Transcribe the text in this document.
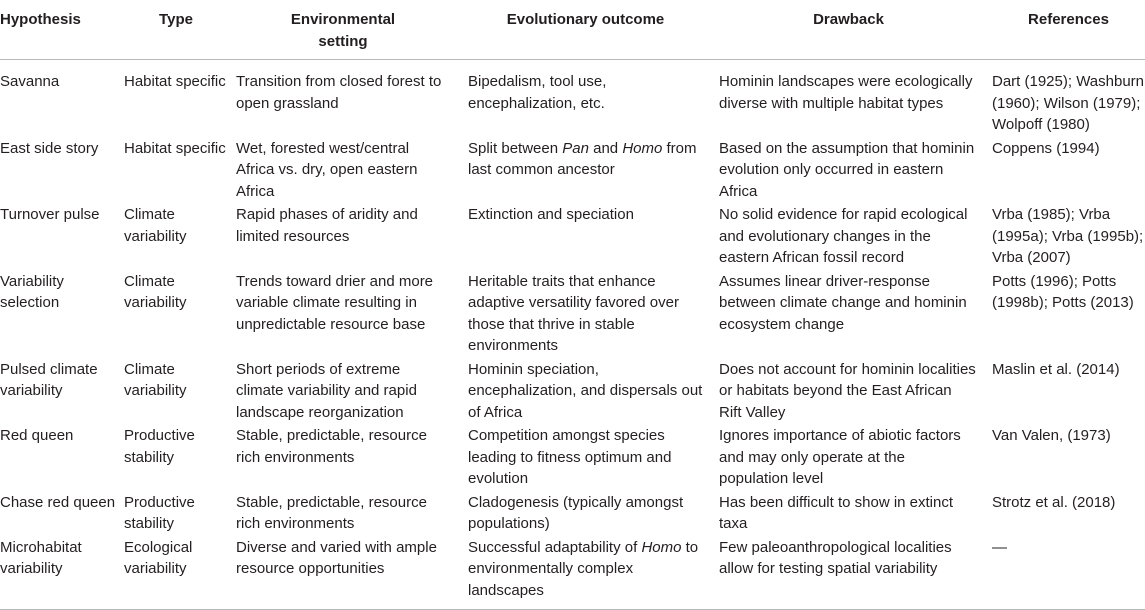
Hypothesis	Type	Environmental setting	Evolutionary outcome	Drawback	References
Savanna	Habitat specific	Transition from closed forest to open grassland	Bipedalism, tool use, encephalization, etc.	Hominin landscapes were ecologically diverse with multiple habitat types	Dart (1925); Washburn (1960); Wilson (1979); Wolpoff (1980)
East side story	Habitat specific	Wet, forested west/central Africa vs. dry, open eastern Africa	Split between Pan and Homo from last common ancestor	Based on the assumption that hominin evolution only occurred in eastern Africa	Coppens (1994)
Turnover pulse	Climate variability	Rapid phases of aridity and limited resources	Extinction and speciation	No solid evidence for rapid ecological and evolutionary changes in the eastern African fossil record	Vrba (1985); Vrba (1995a); Vrba (1995b); Vrba (2007)
Variability selection	Climate variability	Trends toward drier and more variable climate resulting in unpredictable resource base	Heritable traits that enhance adaptive versatility favored over those that thrive in stable environments	Assumes linear driver-response between climate change and hominin ecosystem change	Potts (1996); Potts (1998b); Potts (2013)
Pulsed climate variability	Climate variability	Short periods of extreme climate variability and rapid landscape reorganization	Hominin speciation, encephalization, and dispersals out of Africa	Does not account for hominin localities or habitats beyond the East African Rift Valley	Maslin et al. (2014)
Red queen	Productive stability	Stable, predictable, resource rich environments	Competition amongst species leading to fitness optimum and evolution	Ignores importance of abiotic factors and may only operate at the population level	Van Valen, (1973)
Chase red queen	Productive stability	Stable, predictable, resource rich environments	Cladogenesis (typically amongst populations)	Has been difficult to show in extinct taxa	Strotz et al. (2018)
Microhabitat variability	Ecological variability	Diverse and varied with ample resource opportunities	Successful adaptability of Homo to environmentally complex landscapes	Few paleoanthropological localities allow for testing spatial variability	—
